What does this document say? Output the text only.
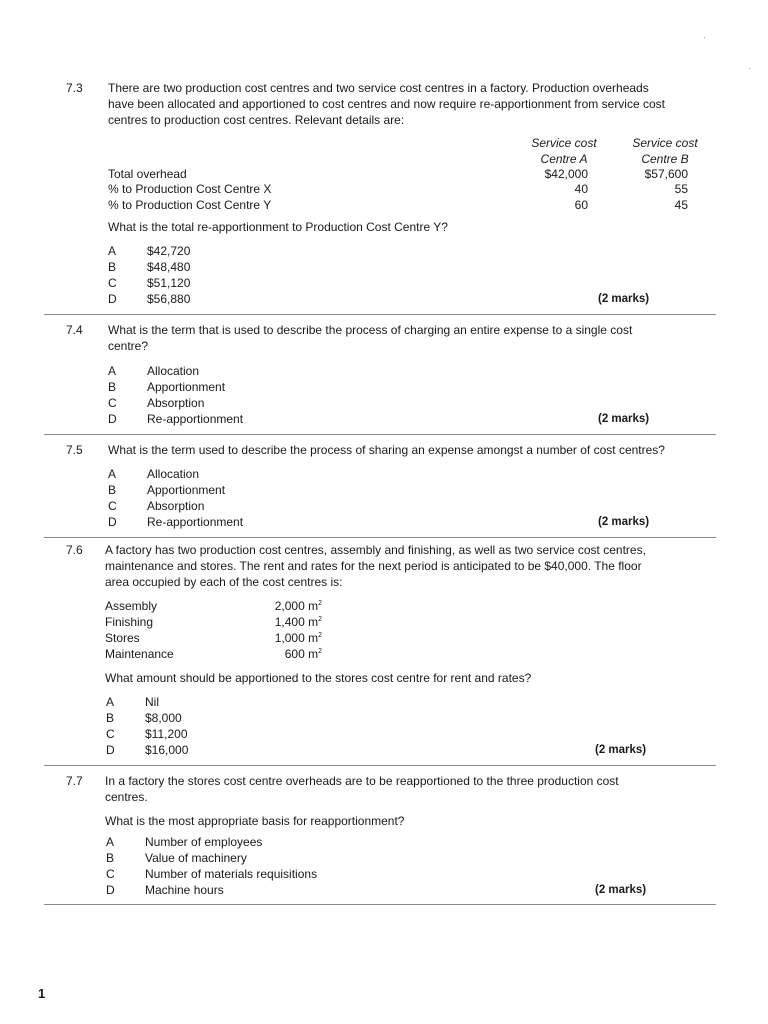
7.3 There are two production cost centres and two service cost centres in a factory. Production overheads
have been allocated and apportioned to cost centres and now require re-apportionment from service cost
centres to production cost centres. Relevant details are:
Service cost
Centre A
Service cost
Centre B
Total overhead	$42,000	$57,600
% to Production Cost Centre X	40	55
% to Production Cost Centre Y	60	45
What is the total re-apportionment to Production Cost Centre Y?
A	$42,720
B	$48,480
C	$51,120
D	$56,880	(2 marks)
7.4 What is the term that is used to describe the process of charging an entire expense to a single cost
centre?
A	Allocation
B	Apportionment
C	Absorption
D	Re-apportionment	(2 marks)
7.5 What is the term used to describe the process of sharing an expense amongst a number of cost centres?
A	Allocation
B	Apportionment
C	Absorption
D	Re-apportionment	(2 marks)
7.6 A factory has two production cost centres, assembly and finishing, as well as two service cost centres,
maintenance and stores. The rent and rates for the next period is anticipated to be $40,000. The floor
area occupied by each of the cost centres is:
Assembly	2,000 $m^2$
Finishing	1,400 $m^2$
Stores	1,000 $m^2$
Maintenance	600 $m^2$
What amount should be apportioned to the stores cost centre for rent and rates?
A	Nil
B	$8,000
C	$11,200
D	$16,000	(2 marks)
7.7 In a factory the stores cost centre overheads are to be reapportioned to the three production cost
centres.
What is the most appropriate basis for reapportionment?
A	Number of employees
B	Value of machinery
C	Number of materials requisitions
D	Machine hours	(2 marks)
1
